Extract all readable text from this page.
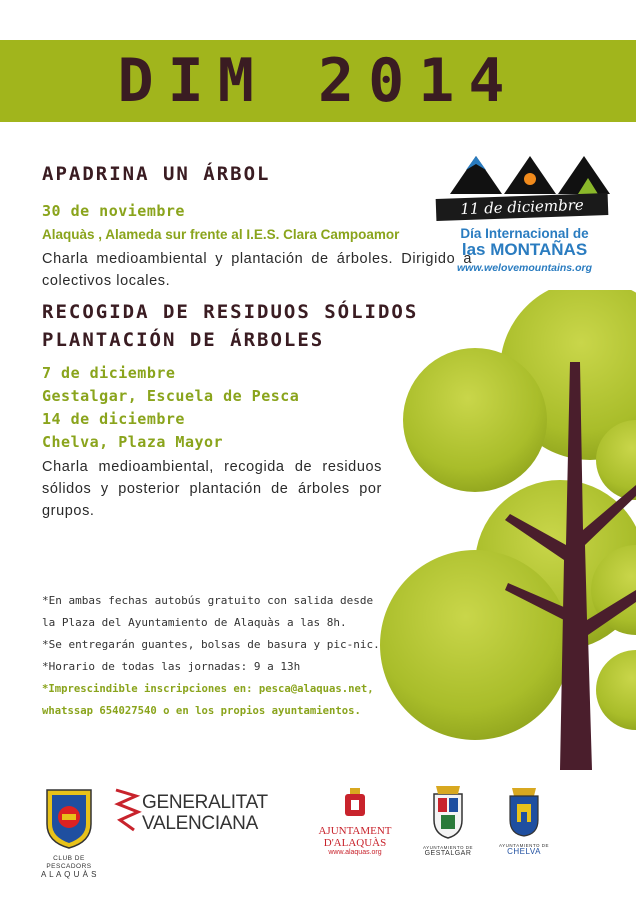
DIM 2014
11 de diciembre
Día Internacional de
las MONTAÑAS
www.welovemountains.org
APADRINA UN ÁRBOL
30 de noviembre
Alaquàs , Alameda sur frente al I.E.S. Clara Campoamor

Charla medioambiental y plantación de árboles. Dirigido a colectivos locales.

RECOGIDA DE RESIDUOS SÓLIDOS
PLANTACIÓN DE ÁRBOLES
7 de diciembre
Gestalgar, Escuela de Pesca
14 de diciembre
Chelva, Plaza Mayor

Charla medioambiental, recogida de residuos sólidos y posterior plantación de árboles por grupos.

*En ambas fechas autobús gratuito con salida desde
la Plaza del Ayuntamiento de Alaquàs a las 8h.
*Se entregarán guantes, bolsas de basura y pic-nic.
*Horario de todas las jornadas: 9 a 13h
*Imprescindible inscripciones en: pesca@alaquas.net,
whatssap 654027540 o en los propios ayuntamientos.
CLUB DE PESCADORS
A L A Q U À S
GENERALITAT
VALENCIANA	AJUNTAMENT
D'ALAQUÀS
www.alaquas.org
AYUNTAMIENTO DE
GESTALGAR
AYUNTAMIENTO DE
CHELVA
